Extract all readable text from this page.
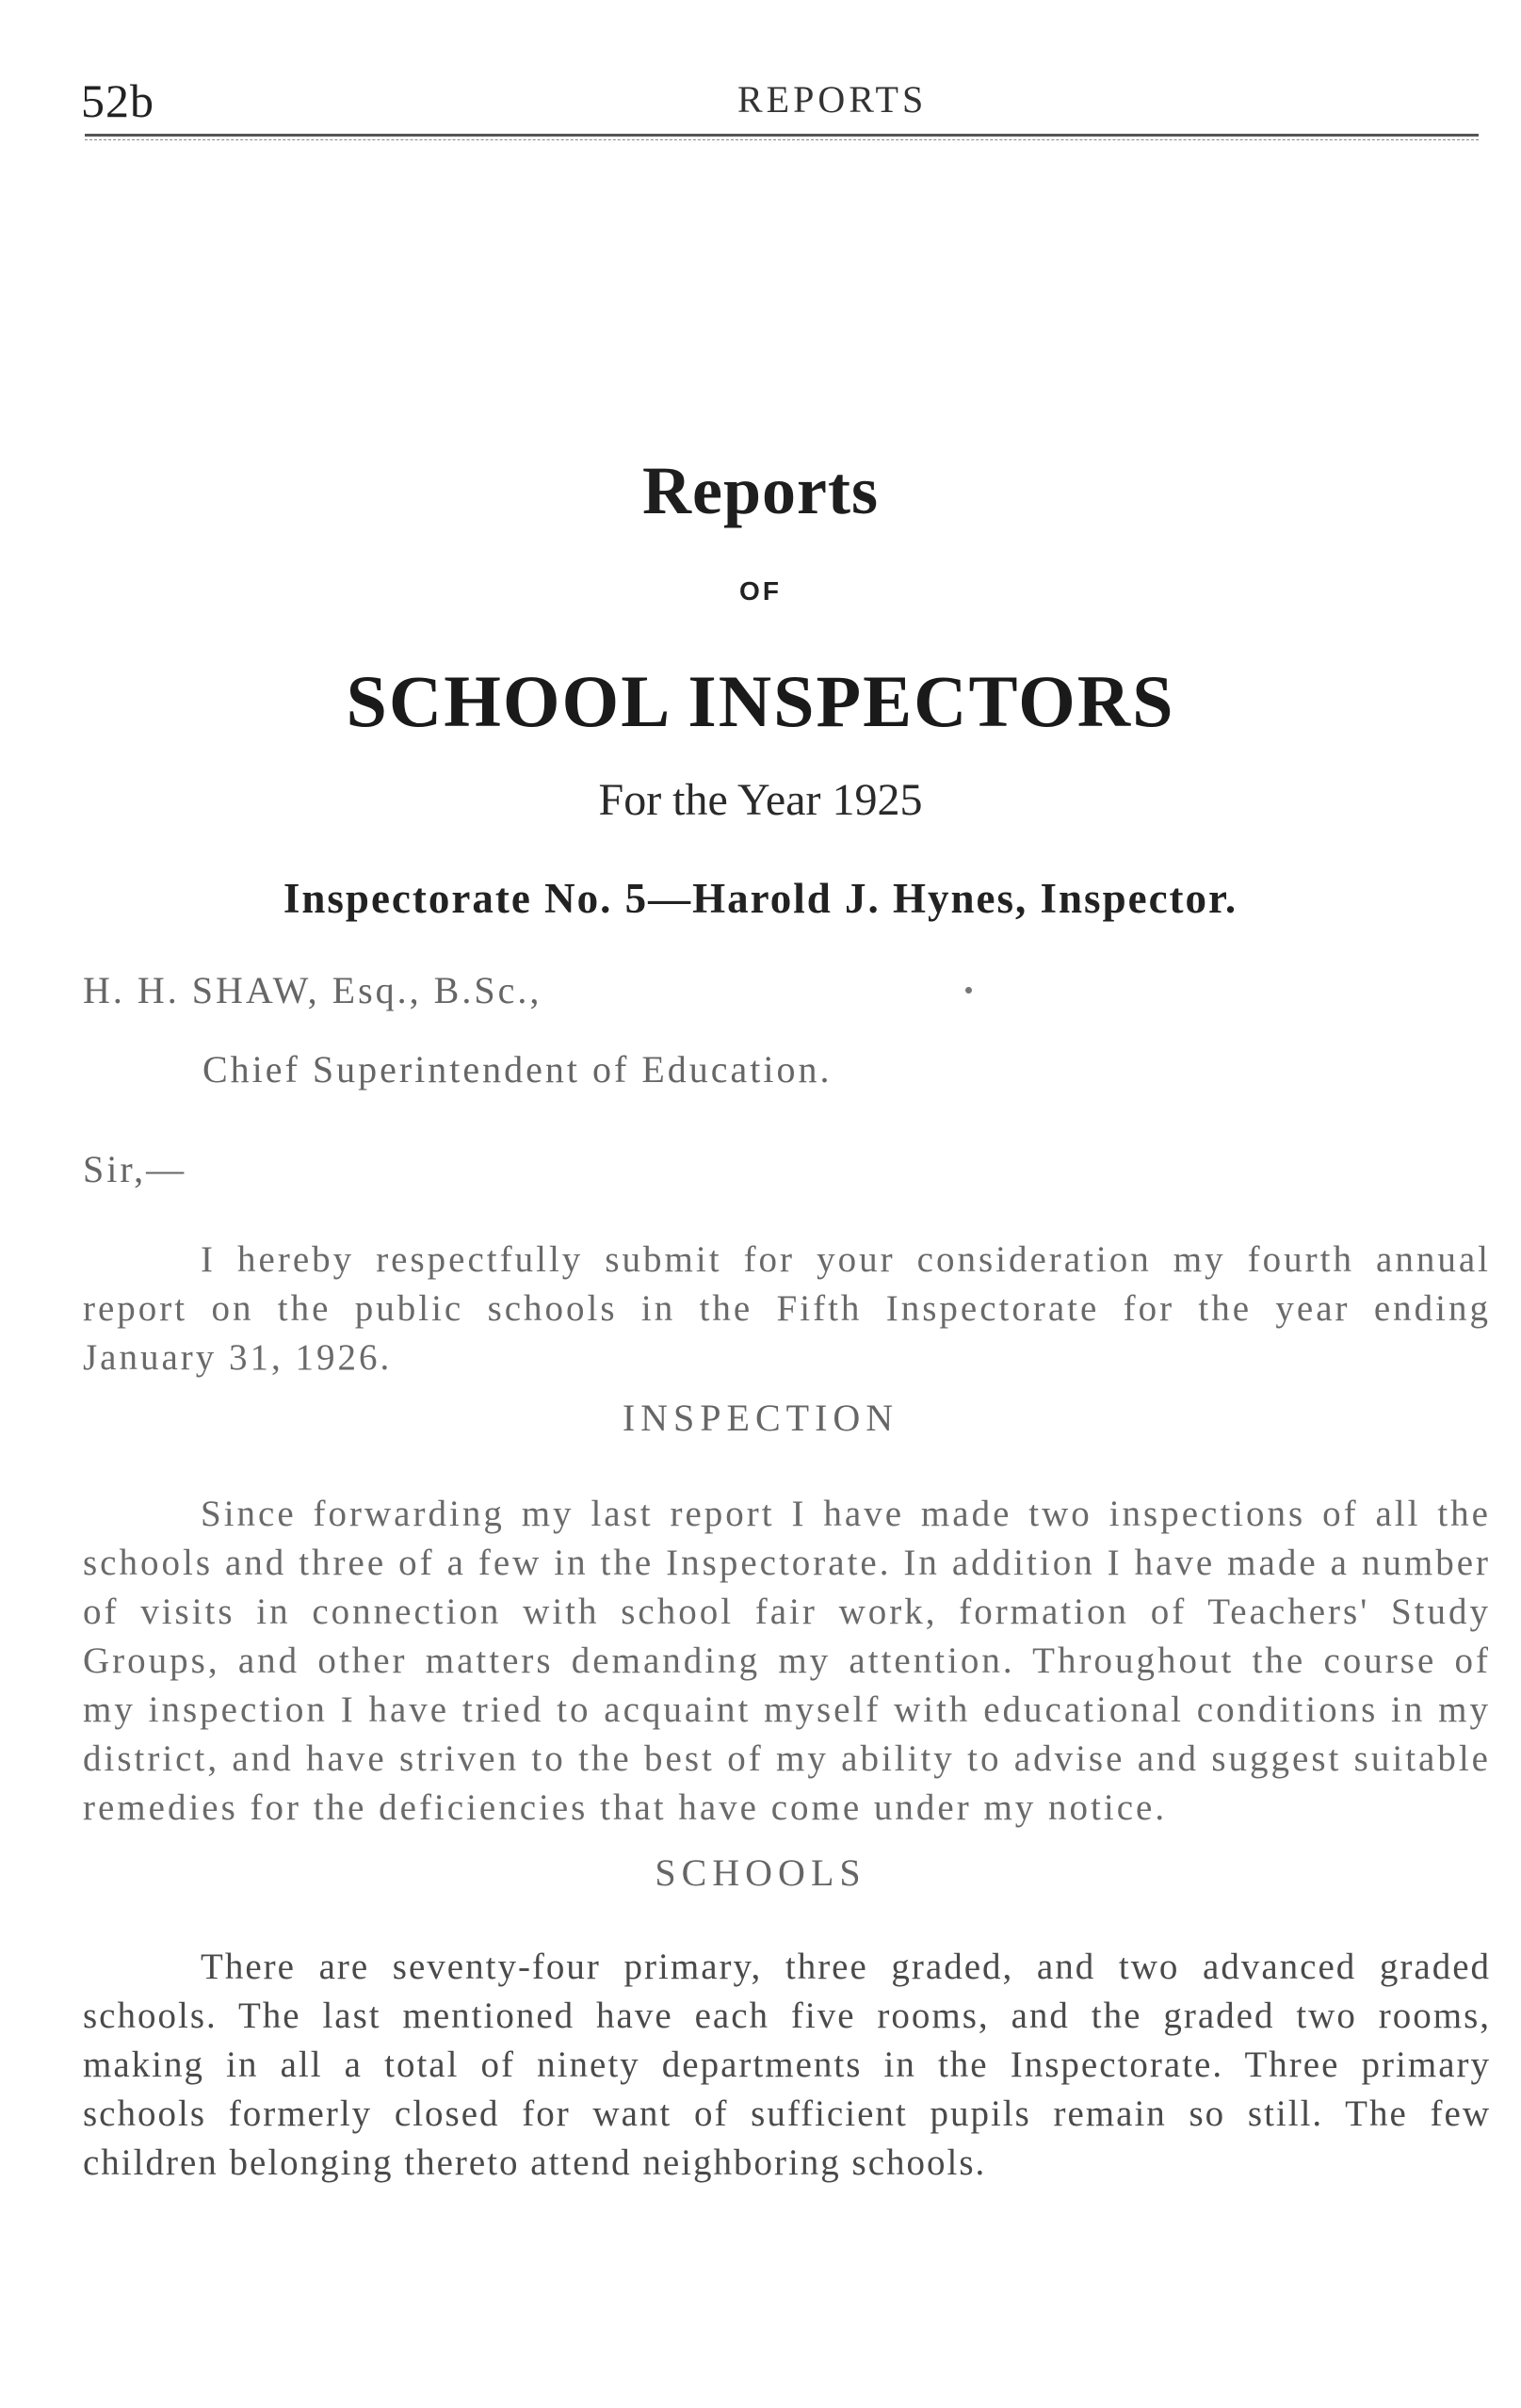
52b	REPORTS
Reports
OF
SCHOOL INSPECTORS
For the Year 1925
Inspectorate No. 5—Harold J. Hynes, Inspector.
H. H. SHAW, Esq., B.Sc.,
Chief Superintendent of Education.
Sir,—

I hereby respectfully submit for your consideration my fourth annual report on the public schools in the Fifth Inspectorate for the year ending January 31, 1926.

INSPECTION

Since forwarding my last report I have made two inspections of all the schools and three of a few in the Inspectorate. In addition I have made a number of visits in connection with school fair work, formation of Teachers' Study Groups, and other matters demanding my attention. Throughout the course of my inspection I have tried to acquaint myself with educational conditions in my district, and have striven to the best of my ability to advise and suggest suitable remedies for the deficiencies that have come under my notice.

SCHOOLS

There are seventy-four primary, three graded, and two advanced graded schools. The last mentioned have each five rooms, and the graded two rooms, making in all a total of ninety departments in the Inspectorate. Three primary schools formerly closed for want of sufficient pupils remain so still. The few children belonging thereto attend neighboring schools.
